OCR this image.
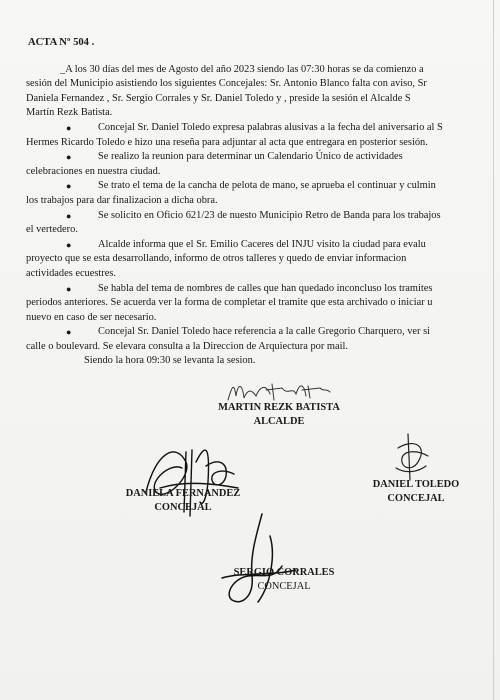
ACTA Nº 504 .
_A los 30 días del mes de Agosto del año 2023 siendo las 07:30 horas se da comienzo a
sesión del Municipio asistiendo los siguientes Concejales: Sr. Antonio Blanco falta con aviso, Sr
Daniela Fernandez , Sr. Sergio Corrales y Sr. Daniel Toledo y , preside la sesión el Alcalde S
Martín Rezk Batista.
●	Concejal Sr. Daniel Toledo expresa palabras alusivas a la fecha del aniversario al S
Hermes Ricardo Toledo e hizo una reseña para adjuntar al acta que entregara en posterior sesión.
●	Se realizo la reunion para determinar un Calendario Único de actividades
celebraciones en nuestra ciudad.
●	Se trato el tema de la cancha de pelota de mano, se aprueba el continuar y culmin
los trabajos para dar finalizacion a dicha obra.
●	Se solicito en Oficio 621/23 de nuesto Municipio Retro de Banda para los trabajos
el vertedero.
●	Alcalde informa que el Sr. Emilio Caceres del INJU visito la ciudad para evalu
proyecto que se esta desarrollando, informo de otros talleres y quedo de enviar informacion
actividades ecuestres.
●	Se habla del tema de nombres de calles que han quedado inconcluso los tramites
periodos anteriores. Se acuerda ver la forma de completar el tramite que esta archivado o iniciar u
nuevo en caso de ser necesario.
●	Concejal Sr. Daniel Toledo hace referencia a la calle Gregorio Charquero, ver si
calle o boulevard. Se elevara consulta a la Direccion de Arquiectura por mail.
Siendo la hora 09:30 se levanta la sesion.
MARTIN REZK BATISTA
ALCALDE
DANIELA FERNANDEZ
CONCEJAL
DANIEL TOLEDO
CONCEJAL
SERGIO CORRALES
CONCEJAL
